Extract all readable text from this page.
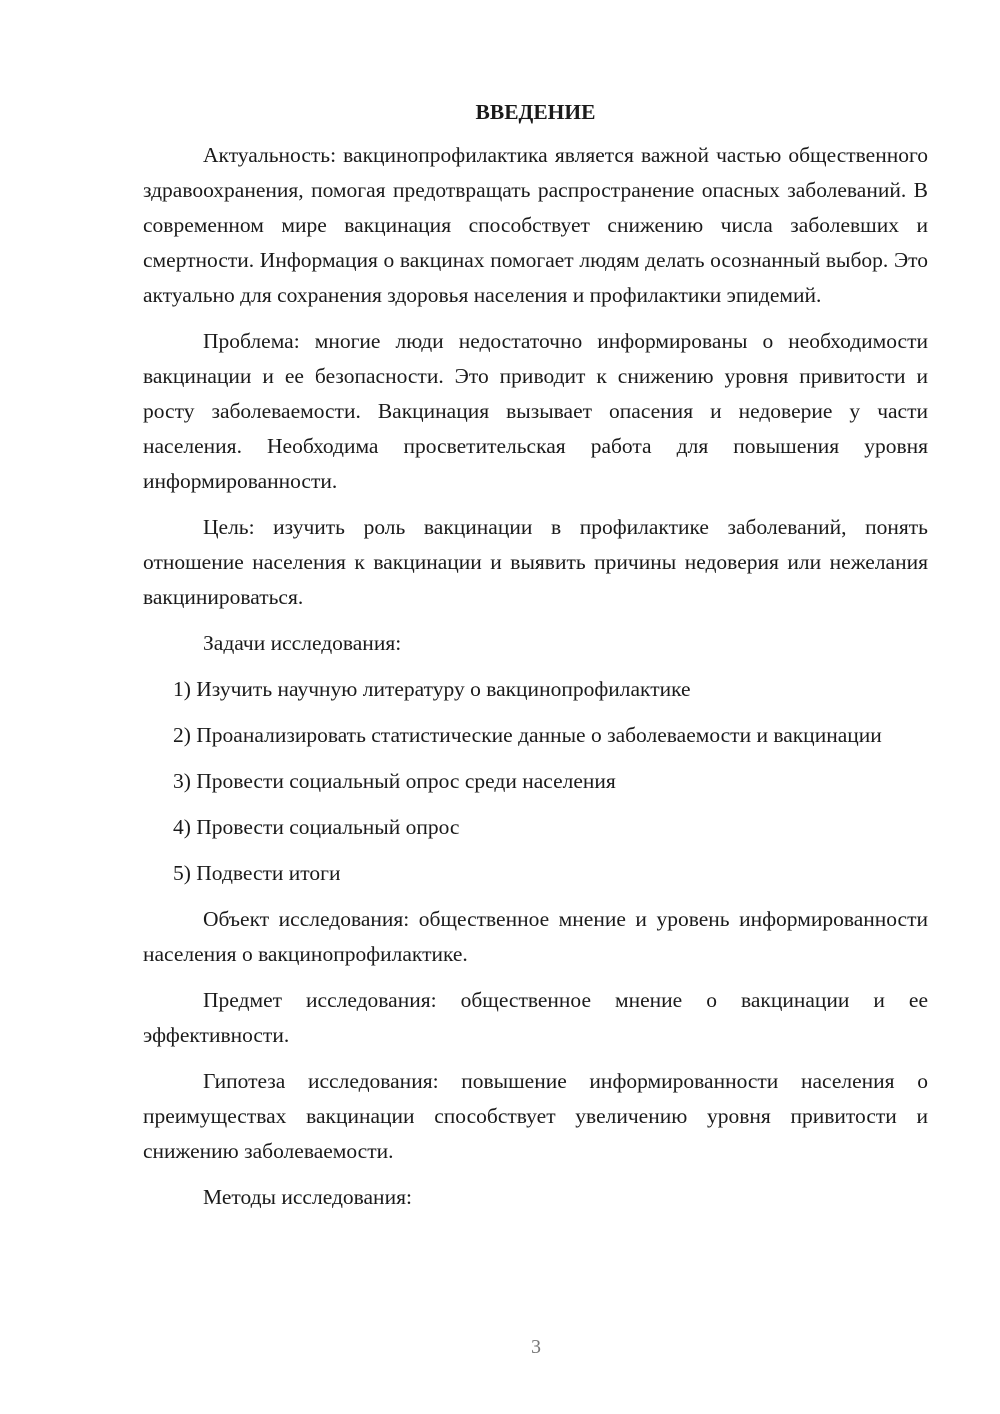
ВВЕДЕНИЕ

Актуальность: вакцинопрофилактика является важной частью общественного здравоохранения, помогая предотвращать распространение опасных заболеваний. В современном мире вакцинация способствует снижению числа заболевших и смертности. Информация о вакцинах помогает людям делать осознанный выбор. Это актуально для сохранения здоровья населения и профилактики эпидемий.

Проблема: многие люди недостаточно информированы о необходимости вакцинации и ее безопасности. Это приводит к снижению уровня привитости и росту заболеваемости. Вакцинация вызывает опасения и недоверие у части населения. Необходима просветительская работа для повышения уровня информированности.

Цель: изучить роль вакцинации в профилактике заболеваний, понять отношение населения к вакцинации и выявить причины недоверия или нежелания вакцинироваться.

Задачи исследования:

1) Изучить научную литературу о вакцинопрофилактике

2) Проанализировать статистические данные о заболеваемости и вакцинации

3) Провести социальный опрос среди населения

4) Провести социальный опрос

5) Подвести итоги

Объект исследования: общественное мнение и уровень информированности населения о вакцинопрофилактике.

Предмет исследования: общественное мнение о вакцинации и ее эффективности.

Гипотеза исследования: повышение информированности населения о преимуществах вакцинации способствует увеличению уровня привитости и снижению заболеваемости.

Методы исследования:

3
